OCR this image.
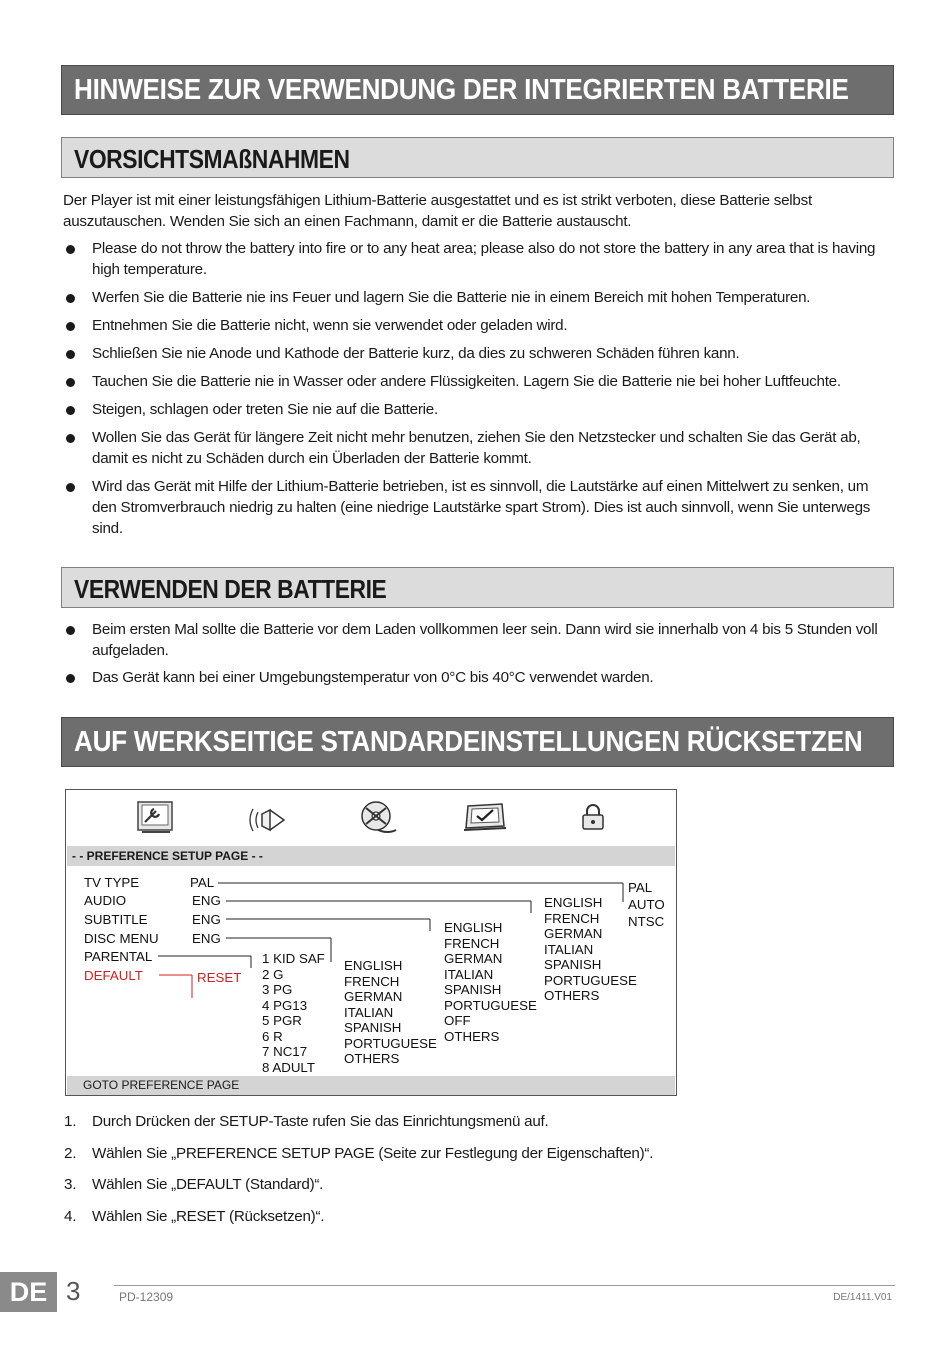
HINWEISE ZUR VERWENDUNG DER INTEGRIERTEN BATTERIE
VORSICHTSMAßNAHMEN
Der Player ist mit einer leistungsfähigen Lithium-Batterie ausgestattet und es ist strikt verboten, diese Batterie selbst auszutauschen. Wenden Sie sich an einen Fachmann, damit er die Batterie austauscht.
Please do not throw the battery into fire or to any heat area; please also do not store the battery in any area that is having high temperature.
Werfen Sie die Batterie nie ins Feuer und lagern Sie die Batterie nie in einem Bereich mit hohen Temperaturen.
Entnehmen Sie die Batterie nicht, wenn sie verwendet oder geladen wird.
Schließen Sie nie Anode und Kathode der Batterie kurz, da dies zu schweren Schäden führen kann.
Tauchen Sie die Batterie nie in Wasser oder andere Flüssigkeiten. Lagern Sie die Batterie nie bei hoher Luftfeuchte.
Steigen, schlagen oder treten Sie nie auf die Batterie.
Wollen Sie das Gerät für längere Zeit nicht mehr benutzen, ziehen Sie den Netzstecker und schalten Sie das Gerät ab, damit es nicht zu Schäden durch ein Überladen der Batterie kommt.
Wird das Gerät mit Hilfe der Lithium-Batterie betrieben, ist es sinnvoll, die Lautstärke auf einen Mittelwert zu senken, um den Stromverbrauch niedrig zu halten (eine niedrige Lautstärke spart Strom). Dies ist auch sinnvoll, wenn Sie unterwegs sind.
VERWENDEN DER BATTERIE
Beim ersten Mal sollte die Batterie vor dem Laden vollkommen leer sein. Dann wird sie innerhalb von 4 bis 5 Stunden voll aufgeladen.
Das Gerät kann bei einer Umgebungstemperatur von 0°C bis 40°C verwendet warden.
AUF WERKSEITIGE STANDARDEINSTELLUNGEN RÜCKSETZEN
- - PREFERENCE SETUP PAGE - -
TV TYPE
AUDIO
SUBTITLE
DISC MENU
PARENTAL
DEFAULT
PAL
ENG
ENG
ENG
RESET
1 KID SAF
2 G
3 PG
4 PG13
5 PGR
6 R
7 NC17
8 ADULT
ENGLISH
FRENCH
GERMAN
ITALIAN
SPANISH
PORTUGUESE
OTHERS
ENGLISH
FRENCH
GERMAN
ITALIAN
SPANISH
PORTUGUESE
OFF
OTHERS
ENGLISH
FRENCH
GERMAN
ITALIAN
SPANISH
PORTUGUESE
OTHERS
PAL
AUTO
NTSC
GOTO PREFERENCE PAGE
1. Durch Drücken der SETUP-Taste rufen Sie das Einrichtungsmenü auf.
2. Wählen Sie „PREFERENCE SETUP PAGE (Seite zur Festlegung der Eigenschaften)“.
3. Wählen Sie „DEFAULT (Standard)“.
4. Wählen Sie „RESET (Rücksetzen)“.
DE 3	PD-12309	DE/1411.V01
